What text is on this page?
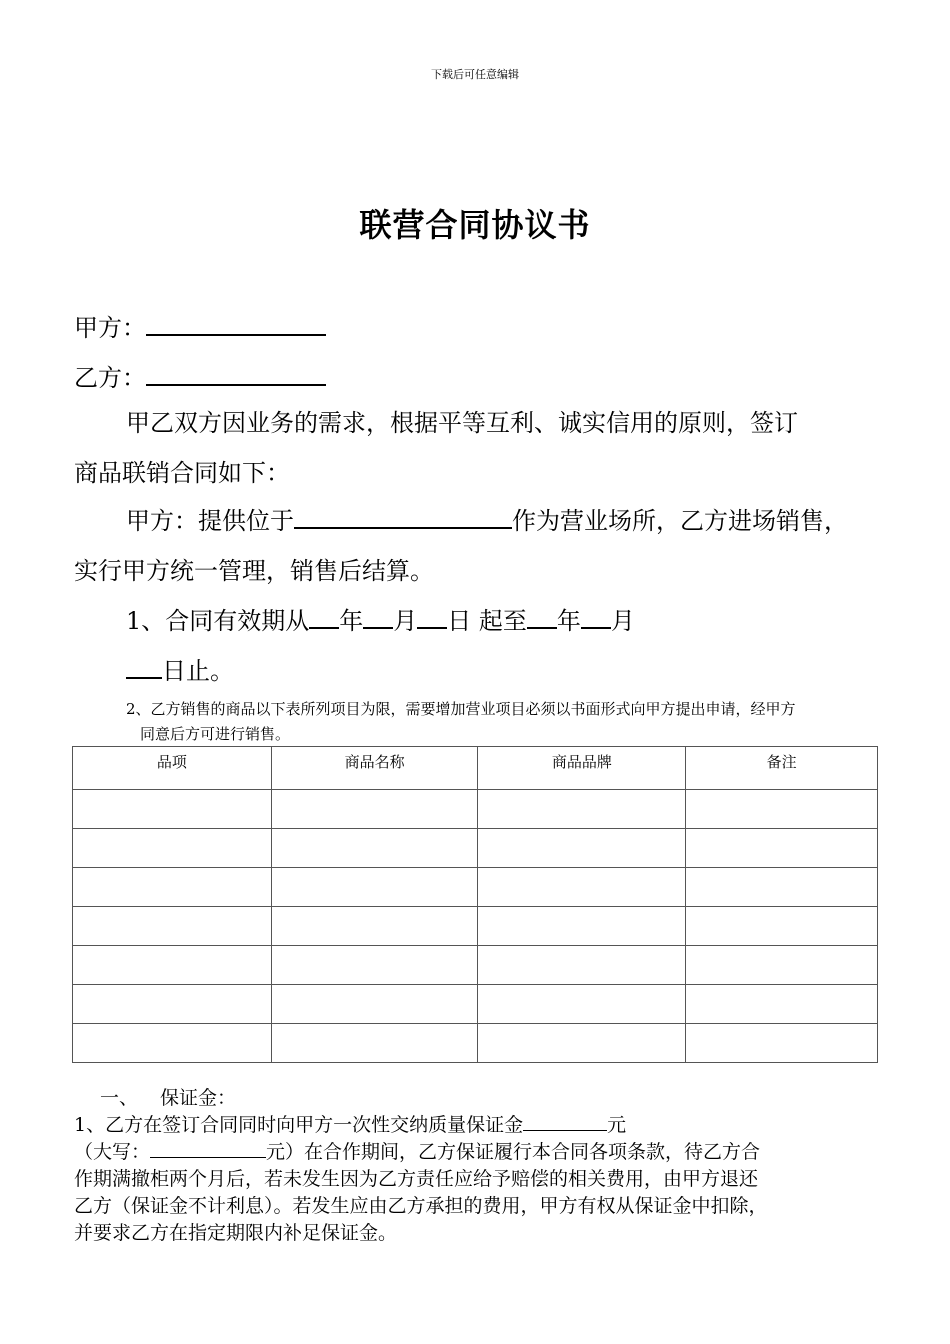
下载后可任意编辑
联营合同协议书
甲方：
乙方：
甲乙双方因业务的需求，根据平等互利、诚实信用的原则，签订
商品联销合同如下：
甲方：提供位于	作为营业场所，乙方进场销售，
实行甲方统一管理，销售后结算。
1、合同有效期从 年 月 日 起至 年 月
日止。
2、乙方销售的商品以下表所列项目为限，需要增加营业项目必须以书面形式向甲方提出申请，经甲方
同意后方可进行销售。
品项	商品名称	商品品牌	备注

一、 保证金：
1、乙方在签订合同同时向甲方一次性交纳质量保证金	元
（大写：	元）在合作期间，乙方保证履行本合同各项条款，待乙方合
作期满撤柜两个月后，若未发生因为乙方责任应给予赔偿的相关费用，由甲方退还
乙方（保证金不计利息）。若发生应由乙方承担的费用，甲方有权从保证金中扣除，
并要求乙方在指定期限内补足保证金。
